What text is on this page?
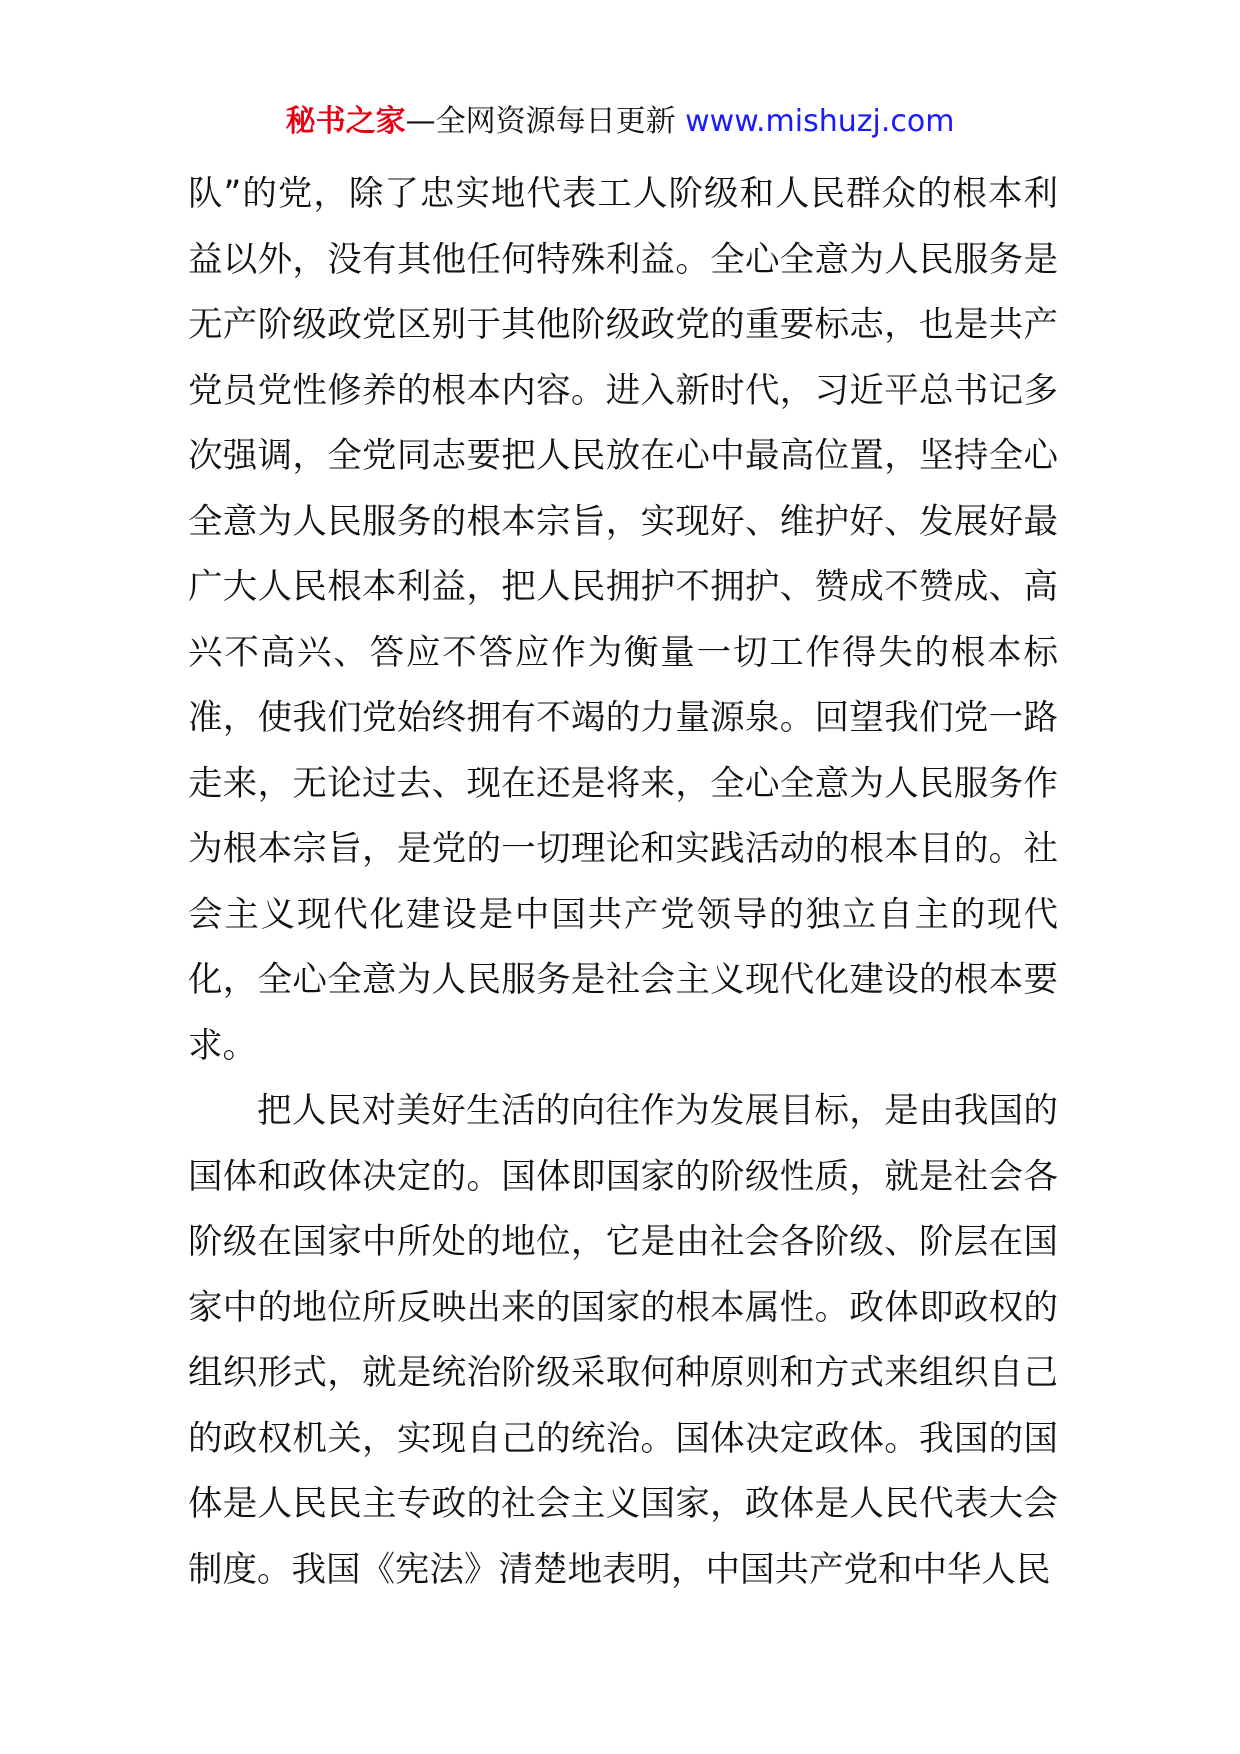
秘书之家—全网资源每日更新 www.mishuzj.com

队”的党，除了忠实地代表工人阶级和人民群众的根本利益以外，没有其他任何特殊利益。全心全意为人民服务是无产阶级政党区别于其他阶级政党的重要标志，也是共产党员党性修养的根本内容。进入新时代，习近平总书记多次强调，全党同志要把人民放在心中最高位置，坚持全心全意为人民服务的根本宗旨，实现好、维护好、发展好最广大人民根本利益，把人民拥护不拥护、赞成不赞成、高兴不高兴、答应不答应作为衡量一切工作得失的根本标准，使我们党始终拥有不竭的力量源泉。回望我们党一路走来，无论过去、现在还是将来，全心全意为人民服务作为根本宗旨，是党的一切理论和实践活动的根本目的。社会主义现代化建设是中国共产党领导的独立自主的现代化，全心全意为人民服务是社会主义现代化建设的根本要求。

把人民对美好生活的向往作为发展目标，是由我国的国体和政体决定的。国体即国家的阶级性质，就是社会各阶级在国家中所处的地位，它是由社会各阶级、阶层在国家中的地位所反映出来的国家的根本属性。政体即政权的组织形式，就是统治阶级采取何种原则和方式来组织自己的政权机关，实现自己的统治。国体决定政体。我国的国体是人民民主专政的社会主义国家，政体是人民代表大会制度。我国《宪法》清楚地表明，中国共产党和中华人民
